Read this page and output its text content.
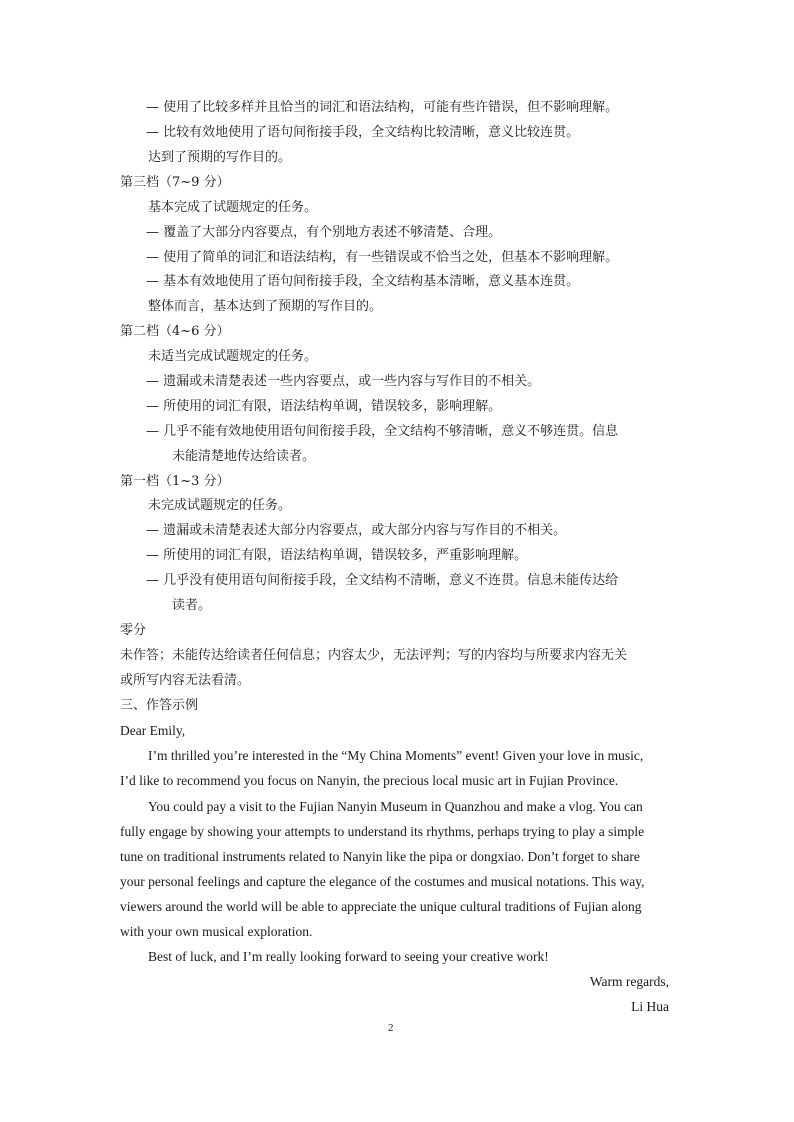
— 使用了比较多样并且恰当的词汇和语法结构，可能有些许错误，但不影响理解。
— 比较有效地使用了语句间衔接手段，全文结构比较清晰，意义比较连贯。
达到了预期的写作目的。
第三档（7~9 分）
基本完成了试题规定的任务。
— 覆盖了大部分内容要点，有个别地方表述不够清楚、合理。
— 使用了简单的词汇和语法结构，有一些错误或不恰当之处，但基本不影响理解。
— 基本有效地使用了语句间衔接手段，全文结构基本清晰，意义基本连贯。
整体而言，基本达到了预期的写作目的。
第二档（4~6 分）
未适当完成试题规定的任务。
— 遗漏或未清楚表述一些内容要点，或一些内容与写作目的不相关。
— 所使用的词汇有限，语法结构单调，错误较多，影响理解。
— 几乎不能有效地使用语句间衔接手段，全文结构不够清晰，意义不够连贯。信息
未能清楚地传达给读者。
第一档（1~3 分）
未完成试题规定的任务。
— 遗漏或未清楚表述大部分内容要点，或大部分内容与写作目的不相关。
— 所使用的词汇有限，语法结构单调，错误较多，严重影响理解。
— 几乎没有使用语句间衔接手段，全文结构不清晰，意义不连贯。信息未能传达给
读者。
零分
未作答；未能传达给读者任何信息；内容太少，无法评判；写的内容均与所要求内容无关
或所写内容无法看清。
三、作答示例
Dear Emily,
I’m thrilled you’re interested in the “My China Moments” event! Given your love in music,
I’d like to recommend you focus on Nanyin, the precious local music art in Fujian Province.
You could pay a visit to the Fujian Nanyin Museum in Quanzhou and make a vlog. You can
fully engage by showing your attempts to understand its rhythms, perhaps trying to play a simple
tune on traditional instruments related to Nanyin like the pipa or dongxiao. Don’t forget to share
your personal feelings and capture the elegance of the costumes and musical notations. This way,
viewers around the world will be able to appreciate the unique cultural traditions of Fujian along
with your own musical exploration.
Best of luck, and I’m really looking forward to seeing your creative work!
Warm regards,
Li Hua
2
